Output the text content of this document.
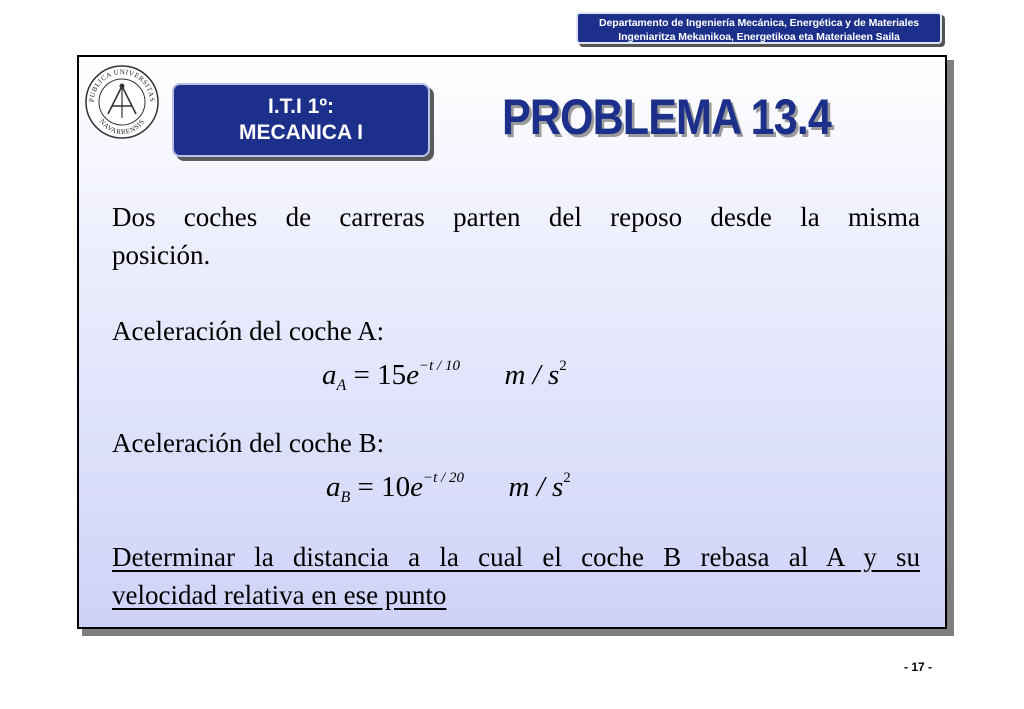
Departamento de Ingeniería Mecánica, Energética y de Materiales
Ingeniaritza Mekanikoa, Energetikoa eta Materialeen Saila
PUBLICA UNIVERSITAS
NAVARRENSIS
I.T.I 1º:
MECANICA I	PROBLEMA 13.4

Dos coches de carreras parten del reposo desde la misma
posición.

Aceleración del coche A:

$a_A = 15e^{-t / 10}$ m / $s^2$

Aceleración del coche B:

$a_B = 10e^{-t / 20}$ m / $s^2$

Determinar la distancia a la cual el coche B rebasa al A y su
velocidad relativa en ese punto

- 17 -
